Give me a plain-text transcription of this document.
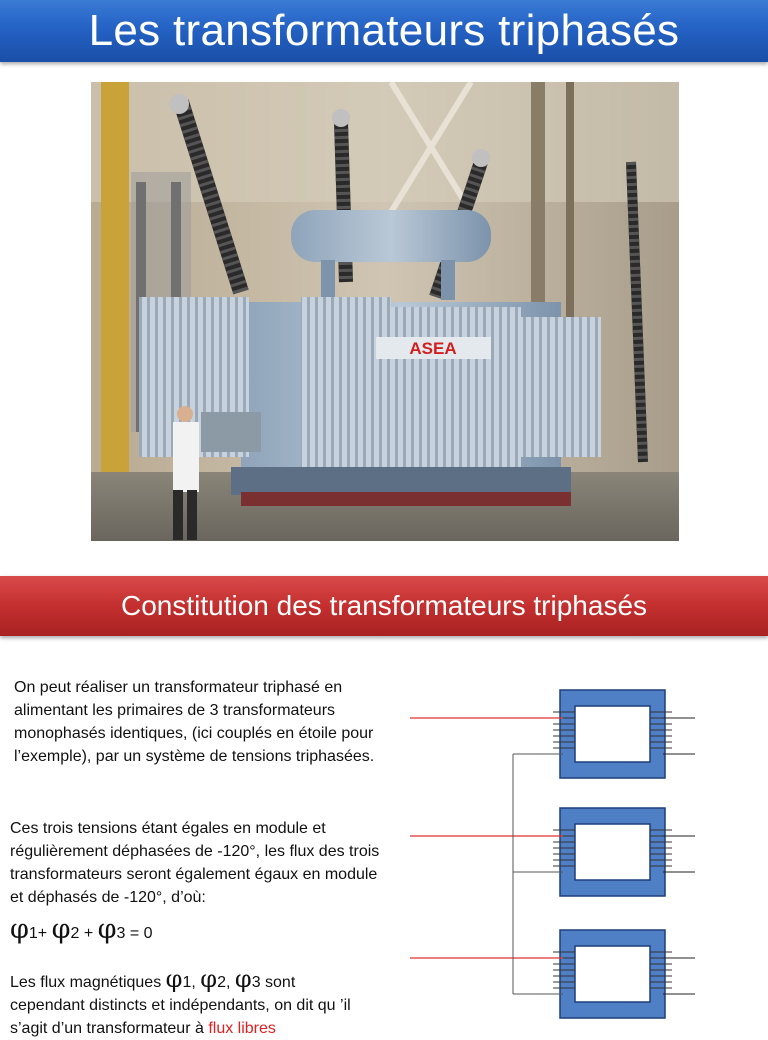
Les transformateurs triphasés
ASEA
Constitution des transformateurs triphasés
On peut réaliser un transformateur triphasé en alimentant les primaires de 3 transformateurs monophasés identiques, (ici couplés en étoile pour l’exemple), par un système de tensions triphasées.
Ces trois tensions étant égales en module et régulièrement déphasées de -120°, les flux des trois transformateurs seront également égaux en module et déphasés de -120°, d’où:
φ1+ φ2 + φ3 = 0
Les flux magnétiques φ1, φ2, φ3 sont
cependant distincts et indépendants, on dit qu ’il
s’agit d’un transformateur à flux libres
